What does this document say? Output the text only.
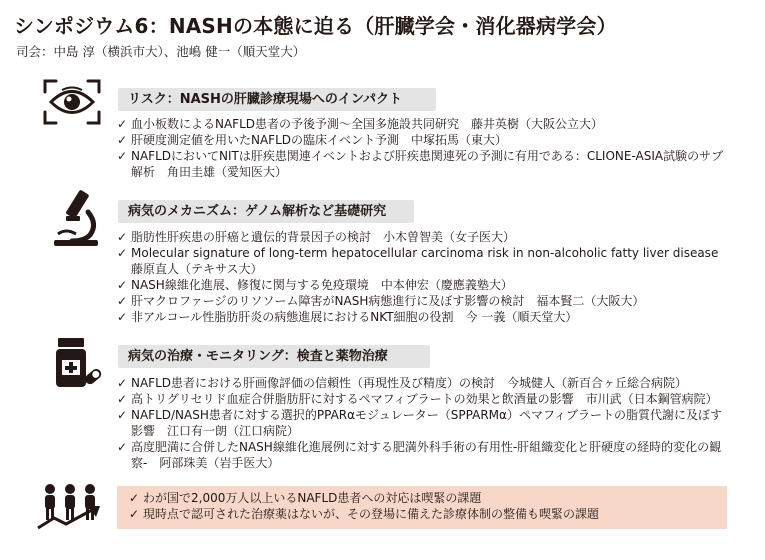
シンポジウム6：NASHの本態に迫る（肝臓学会・消化器病学会）
司会：中島 淳（横浜市大）、池嶋 健一（順天堂大）
リスク：NASHの肝臓診療現場へのインパクト
✓ 血小板数によるNAFLD患者の予後予測～全国多施設共同研究　藤井英樹（大阪公立大）
✓ 肝硬度測定値を用いたNAFLDの臨床イベント予測　中塚拓馬（東大）
✓ NAFLDにおいてNITは肝疾患関連イベントおよび肝疾患関連死の予測に有用である：CLIONE-ASIA試験のサブ解析　角田圭雄（愛知医大）
病気のメカニズム：ゲノム解析など基礎研究
✓ 脂肪性肝疾患の肝癌と遺伝的背景因子の検討　小木曽智美（女子医大）
✓ Molecular signature of long-term hepatocellular carcinoma risk in non-alcoholic fatty liver disease　藤原直人（テキサス大）
✓ NASH線維化進展、修復に関与する免疫環境　中本伸宏（慶應義塾大）
✓ 肝マクロファージのリソソーム障害がNASH病態進行に及ぼす影響の検討　福本賢二（大阪大）
✓ 非アルコール性脂肪肝炎の病態進展におけるNKT細胞の役割　今 一義（順天堂大）
病気の治療・モニタリング：検査と薬物治療
✓ NAFLD患者における肝画像評価の信頼性（再現性及び精度）の検討　今城健人（新百合ヶ丘総合病院）
✓ 高トリグリセリド血症合併脂肪肝に対するペマフィブラートの効果と飲酒量の影響　市川武（日本鋼管病院）
✓ NAFLD/NASH患者に対する選択的PPARαモジュレーター（SPPARMα）ペマフィブラートの脂質代謝に及ぼす影響　江口有一朗（江口病院）
✓ 高度肥満に合併したNASH線維化進展例に対する肥満外科手術の有用性-肝組織変化と肝硬度の経時的変化の観察-　阿部珠美（岩手医大）
✓ わが国で2,000万人以上いるNAFLD患者への対応は喫緊の課題
✓ 現時点で認可された治療薬はないが、その登場に備えた診療体制の整備も喫緊の課題
